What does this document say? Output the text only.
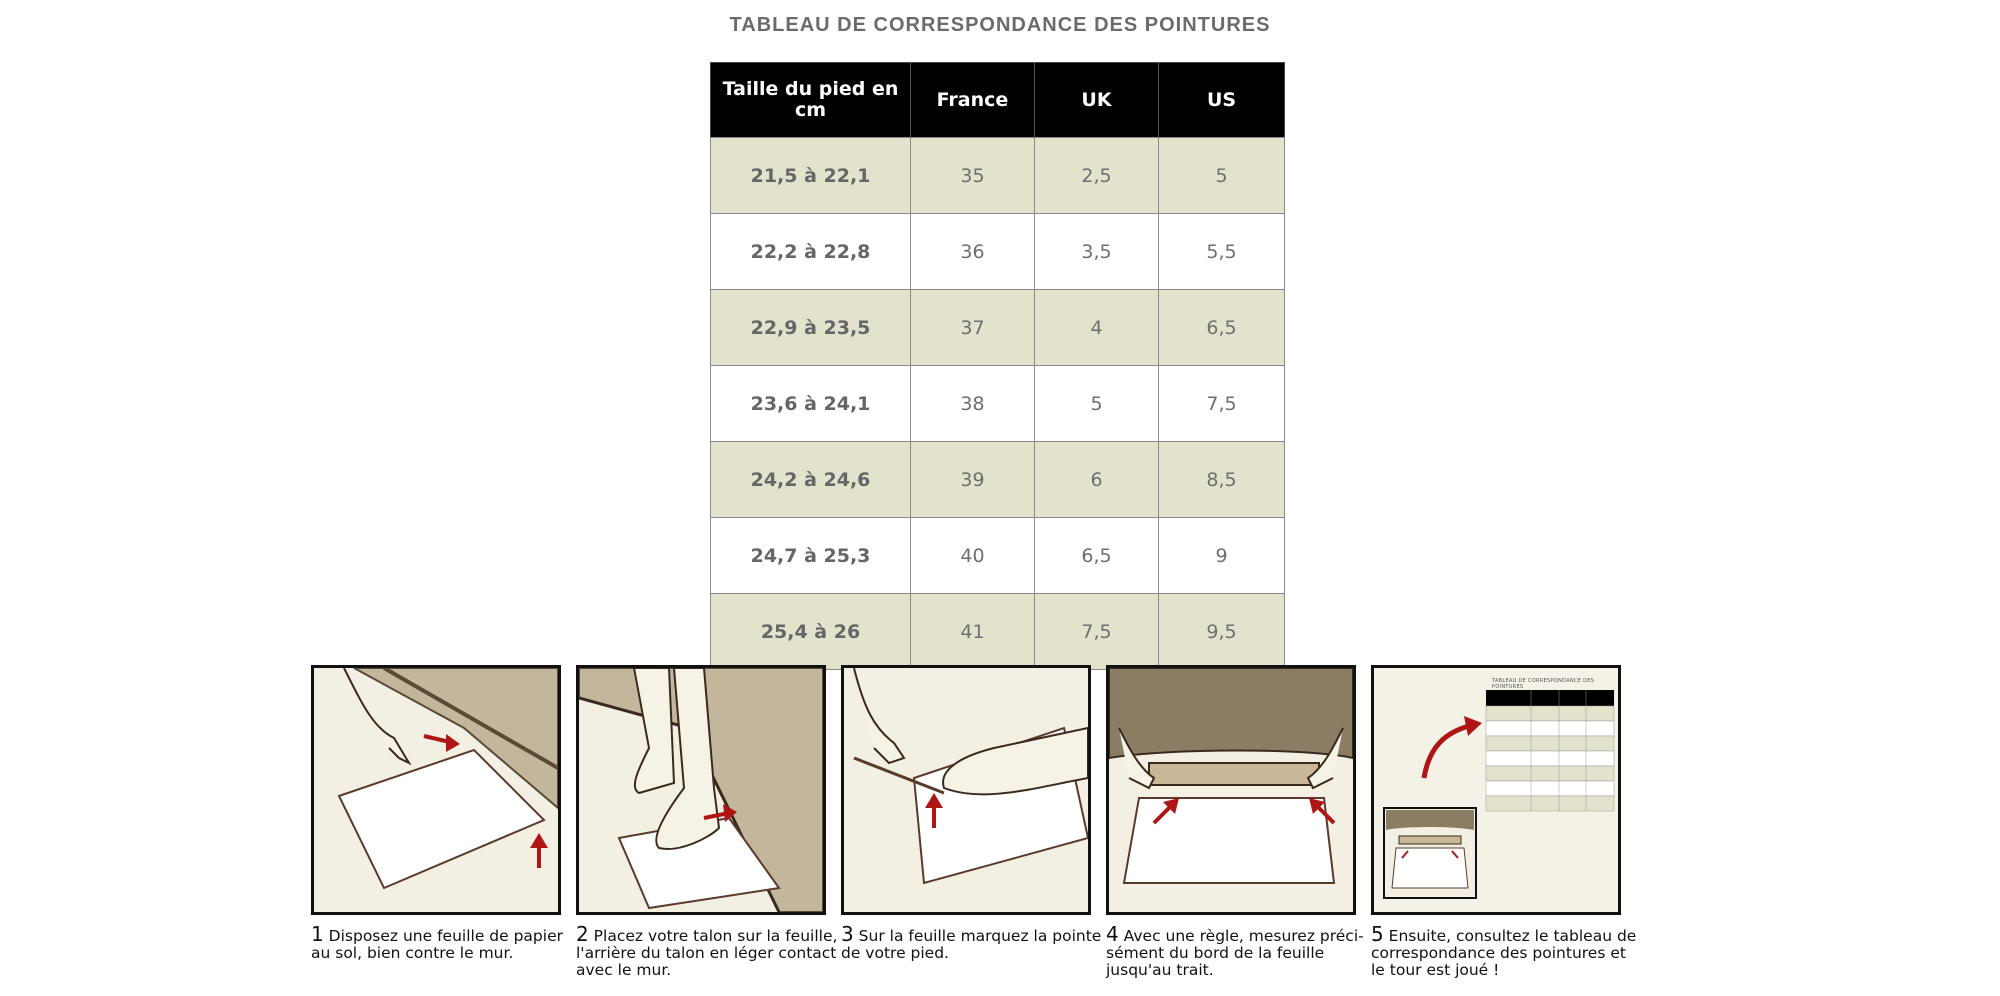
TABLEAU DE CORRESPONDANCE DES POINTURES
Taille du pied en cm	France	UK	US
21,5 à 22,1	35	2,5	5
22,2 à 22,8	36	3,5	5,5
22,9 à 23,5	37	4	6,5
23,6 à 24,1	38	5	7,5
24,2 à 24,6	39	6	8,5
24,7 à 25,3	40	6,5	9
25,4 à 26	41	7,5	9,5
1 Disposez une feuille de papier au sol, bien contre le mur.
2 Placez votre talon sur la feuille, l'arrière du talon en léger contact avec le mur.
3 Sur la feuille marquez la pointe de votre pied.
4 Avec une règle, mesurez préci-sément du bord de la feuille jusqu'au trait.
TABLEAU DE CORRESPONDANCE DES POINTURES
5 Ensuite, consultez le tableau de correspondance des pointures et le tour est joué !
